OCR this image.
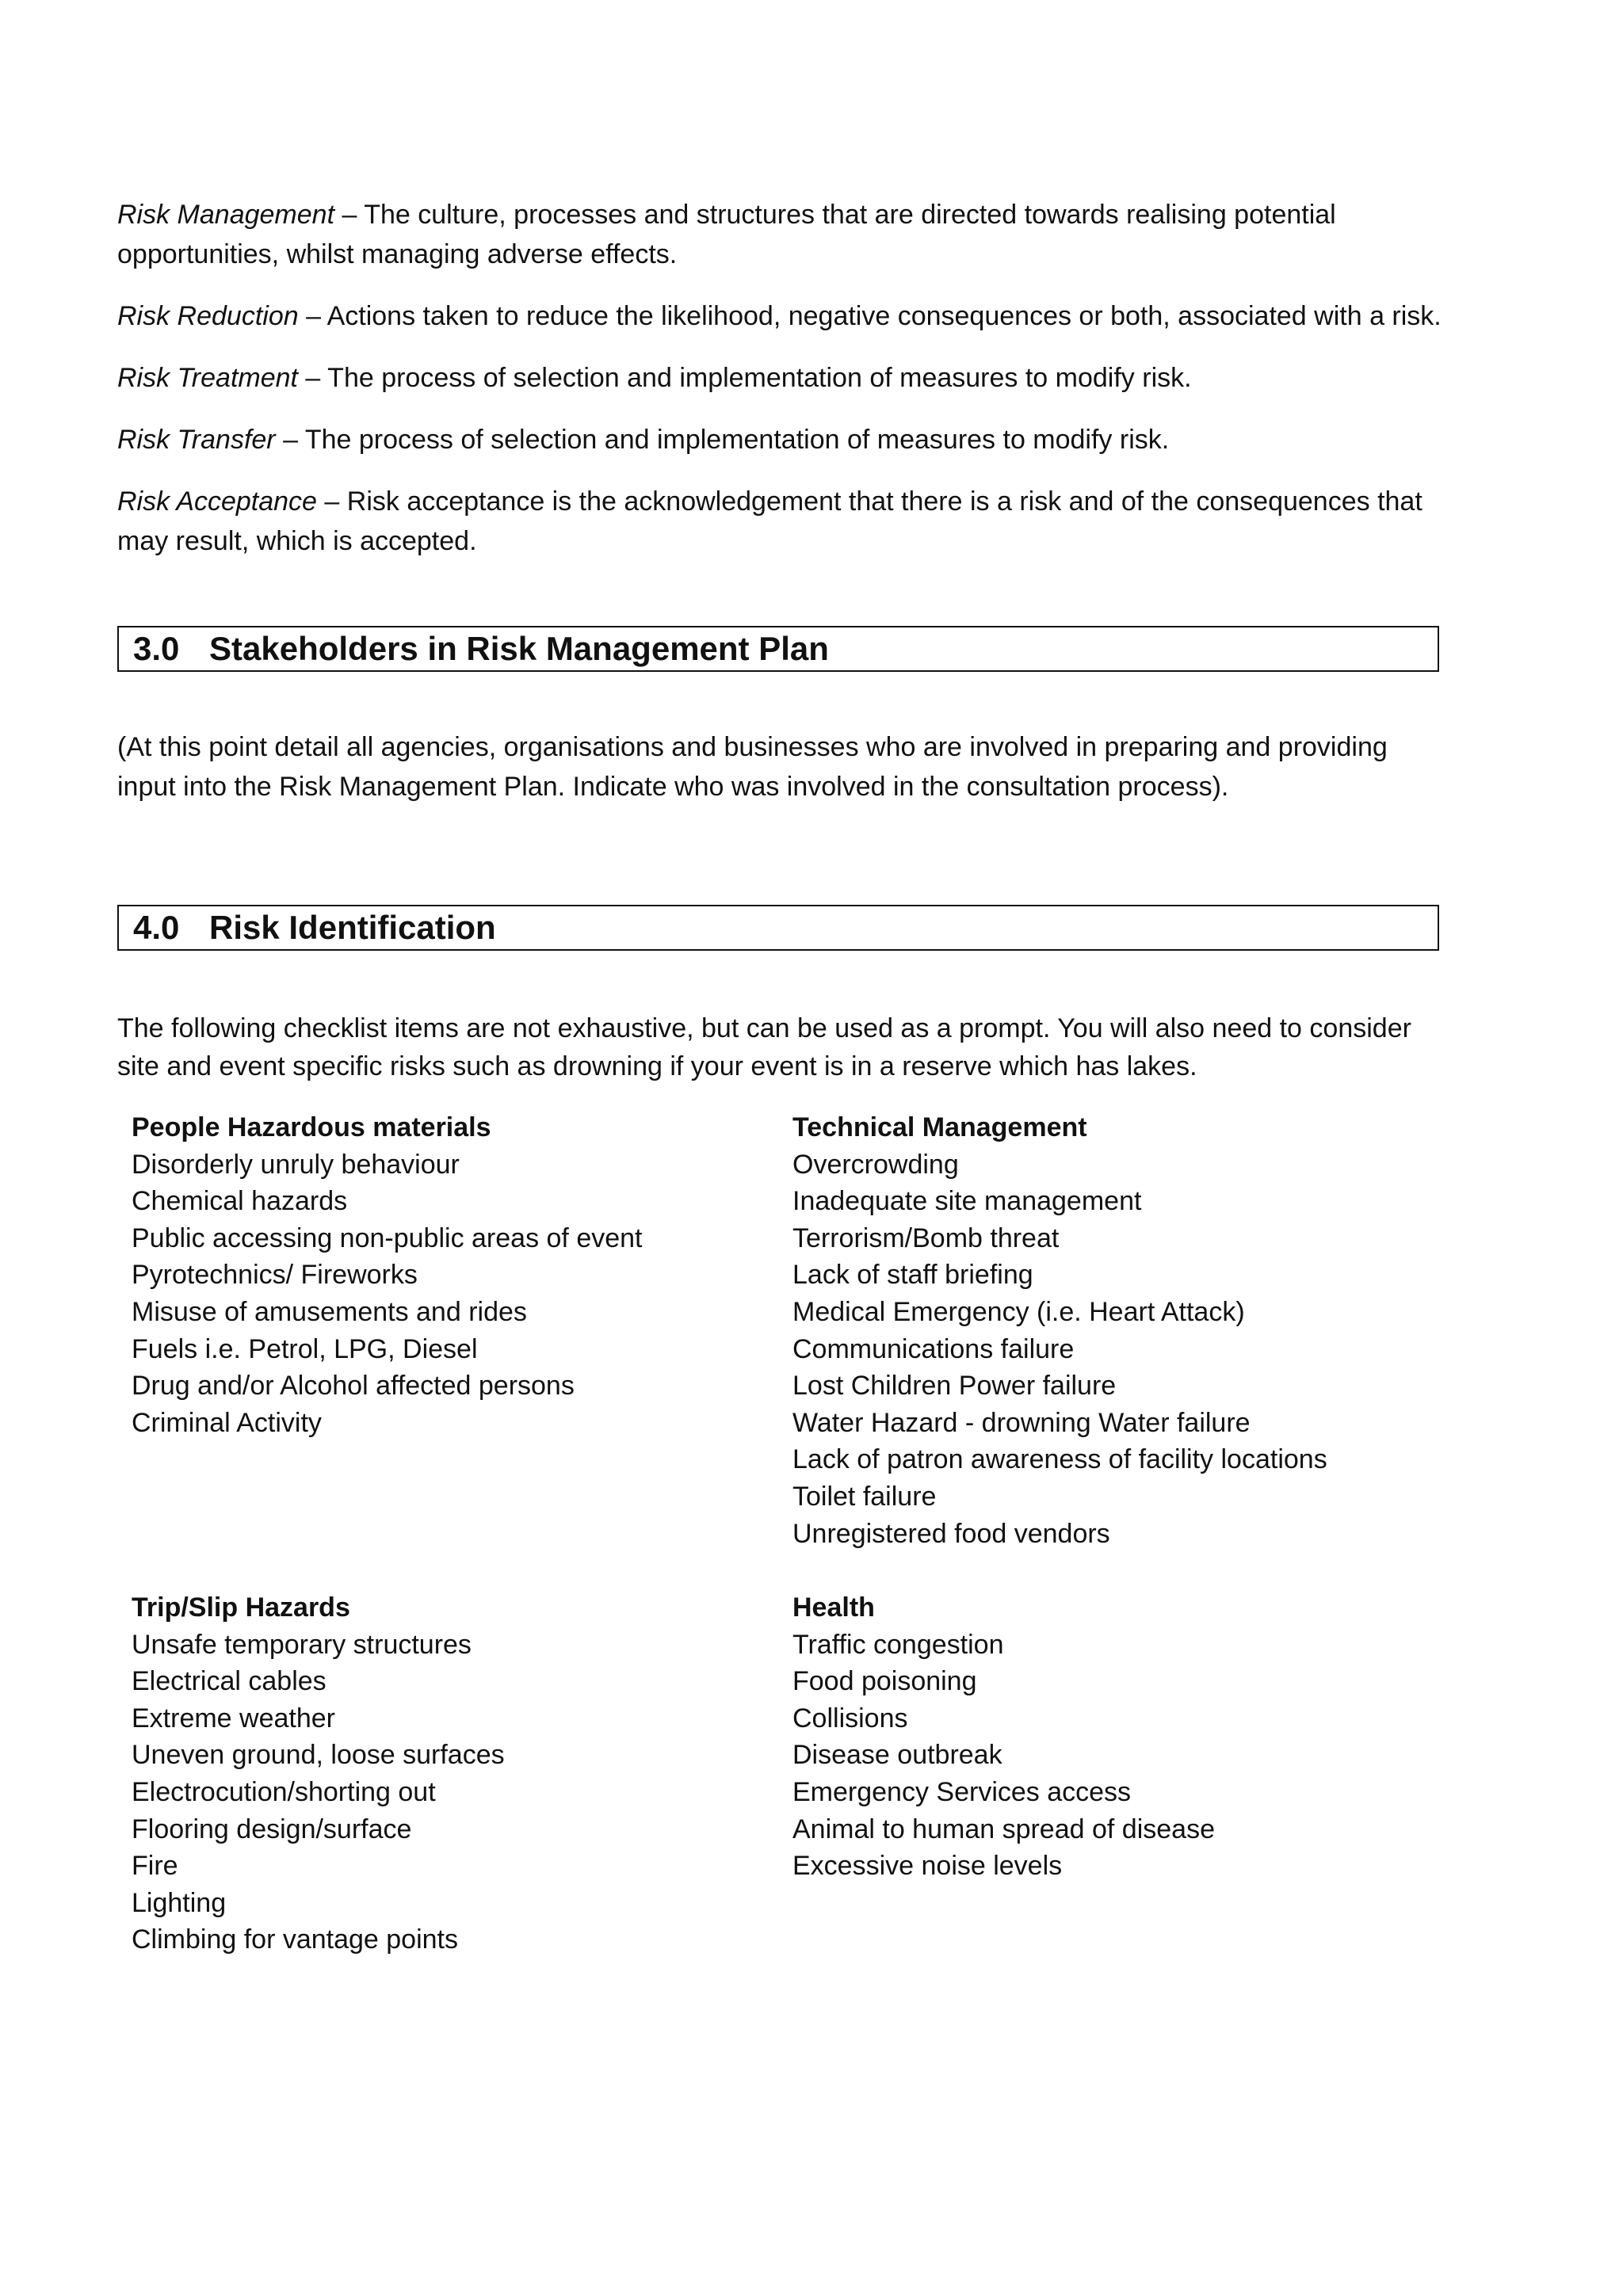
Risk Management – The culture, processes and structures that are directed towards realising potential opportunities, whilst managing adverse effects.

Risk Reduction – Actions taken to reduce the likelihood, negative consequences or both, associated with a risk.

Risk Treatment – The process of selection and implementation of measures to modify risk.

Risk Transfer – The process of selection and implementation of measures to modify risk.

Risk Acceptance – Risk acceptance is the acknowledgement that there is a risk and of the consequences that may result, which is accepted.

3.0 Stakeholders in Risk Management Plan

(At this point detail all agencies, organisations and businesses who are involved in preparing and providing input into the Risk Management Plan. Indicate who was involved in the consultation process).

4.0 Risk Identification

The following checklist items are not exhaustive, but can be used as a prompt. You will also need to consider site and event specific risks such as drowning if your event is in a reserve which has lakes.

People Hazardous materials
Disorderly unruly behaviour
Chemical hazards
Public accessing non-public areas of event
Pyrotechnics/ Fireworks
Misuse of amusements and rides
Fuels i.e. Petrol, LPG, Diesel
Drug and/or Alcohol affected persons
Criminal Activity
Technical Management
Overcrowding
Inadequate site management
Terrorism/Bomb threat
Lack of staff briefing
Medical Emergency (i.e. Heart Attack)
Communications failure
Lost Children Power failure
Water Hazard - drowning Water failure
Lack of patron awareness of facility locations
Toilet failure
Unregistered food vendors
Trip/Slip Hazards
Unsafe temporary structures
Electrical cables
Extreme weather
Uneven ground, loose surfaces
Electrocution/shorting out
Flooring design/surface
Fire
Lighting
Climbing for vantage points
Health
Traffic congestion
Food poisoning
Collisions
Disease outbreak
Emergency Services access
Animal to human spread of disease
Excessive noise levels
